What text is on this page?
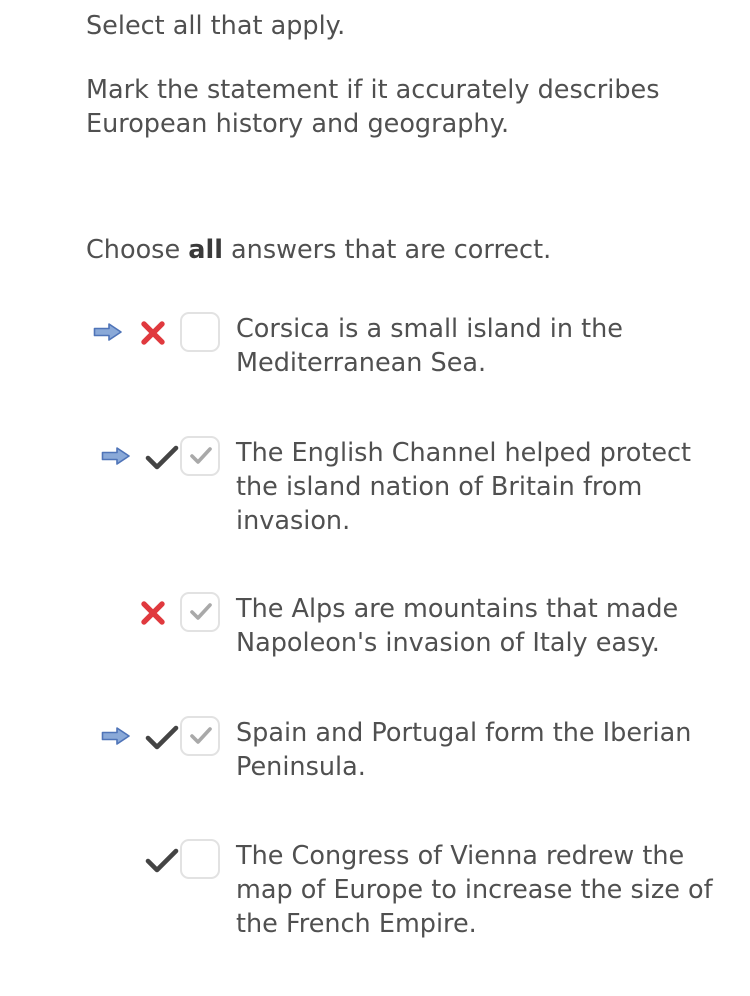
Select all that apply.

Mark the statement if it accurately describes European history and geography.

Choose all answers that are correct.

Corsica is a small island in the Mediterranean Sea.
The English Channel helped protect the island nation of Britain from invasion.
The Alps are mountains that made Napoleon's invasion of Italy easy.
Spain and Portugal form the Iberian Peninsula.
The Congress of Vienna redrew the map of Europe to increase the size of the French Empire.
